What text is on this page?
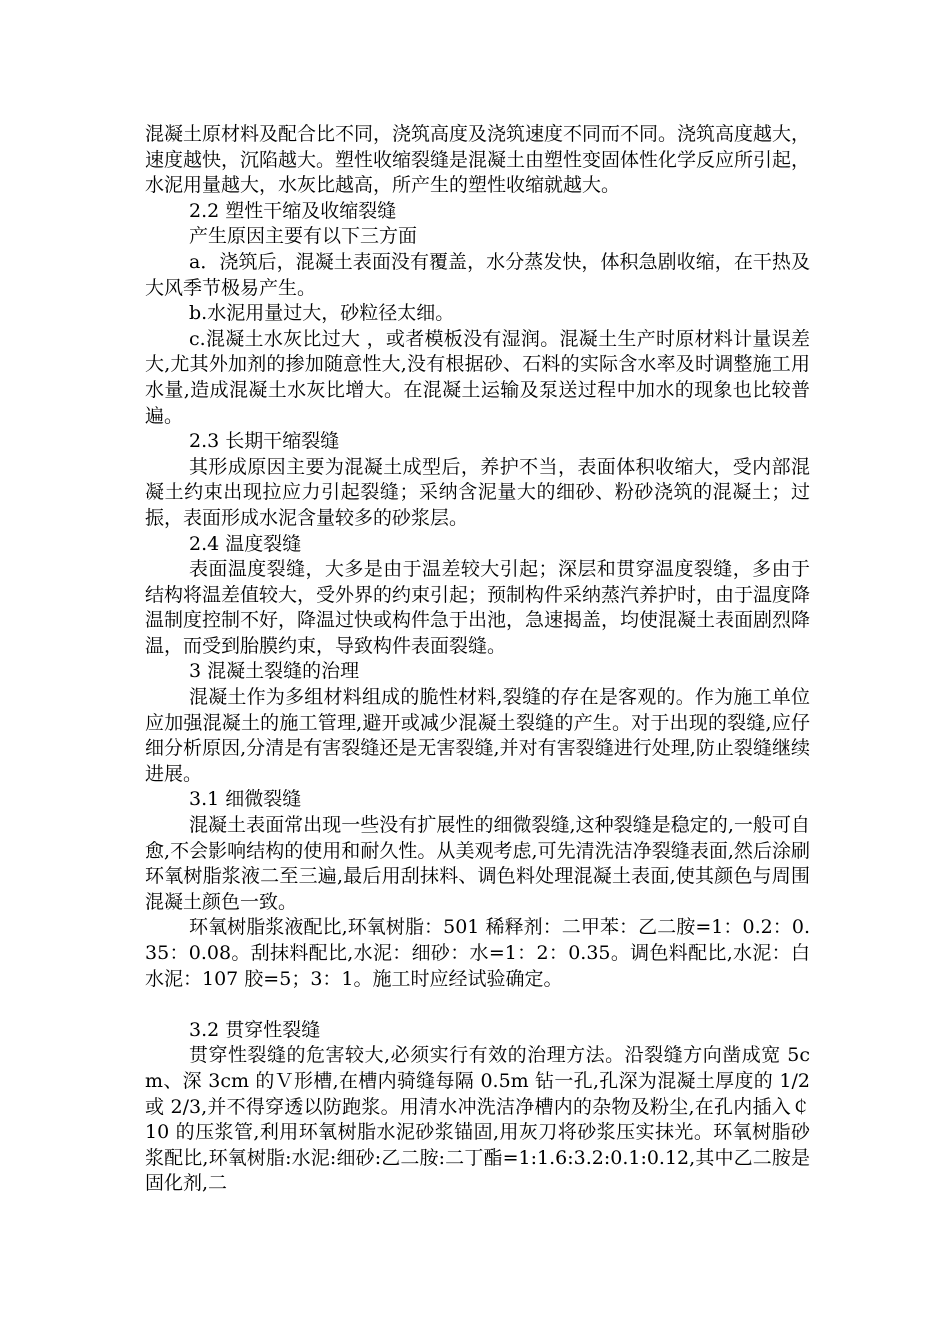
混凝土原材料及配合比不同，浇筑高度及浇筑速度不同而不同。浇筑高度越大，速度越快，沉陷越大。塑性收缩裂缝是混凝土由塑性变固体性化学反应所引起，水泥用量越大，水灰比越高，所产生的塑性收缩就越大。

2.2 塑性干缩及收缩裂缝

产生原因主要有以下三方面

a．浇筑后，混凝土表面没有覆盖，水分蒸发快，体积急剧收缩，在干热及大风季节极易产生。

b.水泥用量过大，砂粒径太细。

c.混凝土水灰比过大 ，或者模板没有湿润。混凝土生产时原材料计量误差大,尤其外加剂的掺加随意性大,没有根据砂、石料的实际含水率及时调整施工用水量,造成混凝土水灰比增大。在混凝土运输及泵送过程中加水的现象也比较普遍。

2.3 长期干缩裂缝

其形成原因主要为混凝土成型后，养护不当，表面体积收缩大，受内部混凝土约束出现拉应力引起裂缝；采纳含泥量大的细砂、粉砂浇筑的混凝土；过振，表面形成水泥含量较多的砂浆层。

2.4 温度裂缝

表面温度裂缝，大多是由于温差较大引起；深层和贯穿温度裂缝，多由于结构将温差值较大，受外界的约束引起；预制构件采纳蒸汽养护时，由于温度降温制度控制不好，降温过快或构件急于出池，急速揭盖，均使混凝土表面剧烈降温，而受到胎膜约束，导致构件表面裂缝。

3 混凝土裂缝的治理

混凝土作为多组材料组成的脆性材料,裂缝的存在是客观的。作为施工单位应加强混凝土的施工管理,避开或减少混凝土裂缝的产生。对于出现的裂缝,应仔细分析原因,分清是有害裂缝还是无害裂缝,并对有害裂缝进行处理,防止裂缝继续进展。

3.1 细微裂缝

混凝土表面常出现一些没有扩展性的细微裂缝,这种裂缝是稳定的,一般可自愈,不会影响结构的使用和耐久性。从美观考虑,可先清洗洁净裂缝表面,然后涂刷环氧树脂浆液二至三遍,最后用刮抹料、调色料处理混凝土表面,使其颜色与周围混凝土颜色一致。

环氧树脂浆液配比,环氧树脂：501 稀释剂：二甲苯：乙二胺=1：0.2：0.35：0.08。刮抹料配比,水泥：细砂：水=1：2：0.35。调色料配比,水泥：白水泥：107 胶=5；3：1。施工时应经试验确定。

3.2 贯穿性裂缝

贯穿性裂缝的危害较大,必须实行有效的治理方法。沿裂缝方向凿成宽 5cm、深 3cm 的Ｖ形槽,在槽内骑缝每隔 0.5m 钻一孔,孔深为混凝土厚度的 1/2 或 2/3,并不得穿透以防跑浆。用清水冲洗洁净槽内的杂物及粉尘,在孔内插入￠10 的压浆管,利用环氧树脂水泥砂浆锚固,用灰刀将砂浆压实抹光。环氧树脂砂浆配比,环氧树脂:水泥:细砂:乙二胺:二丁酯=1:1.6:3.2:0.1:0.12,其中乙二胺是固化剂,二
